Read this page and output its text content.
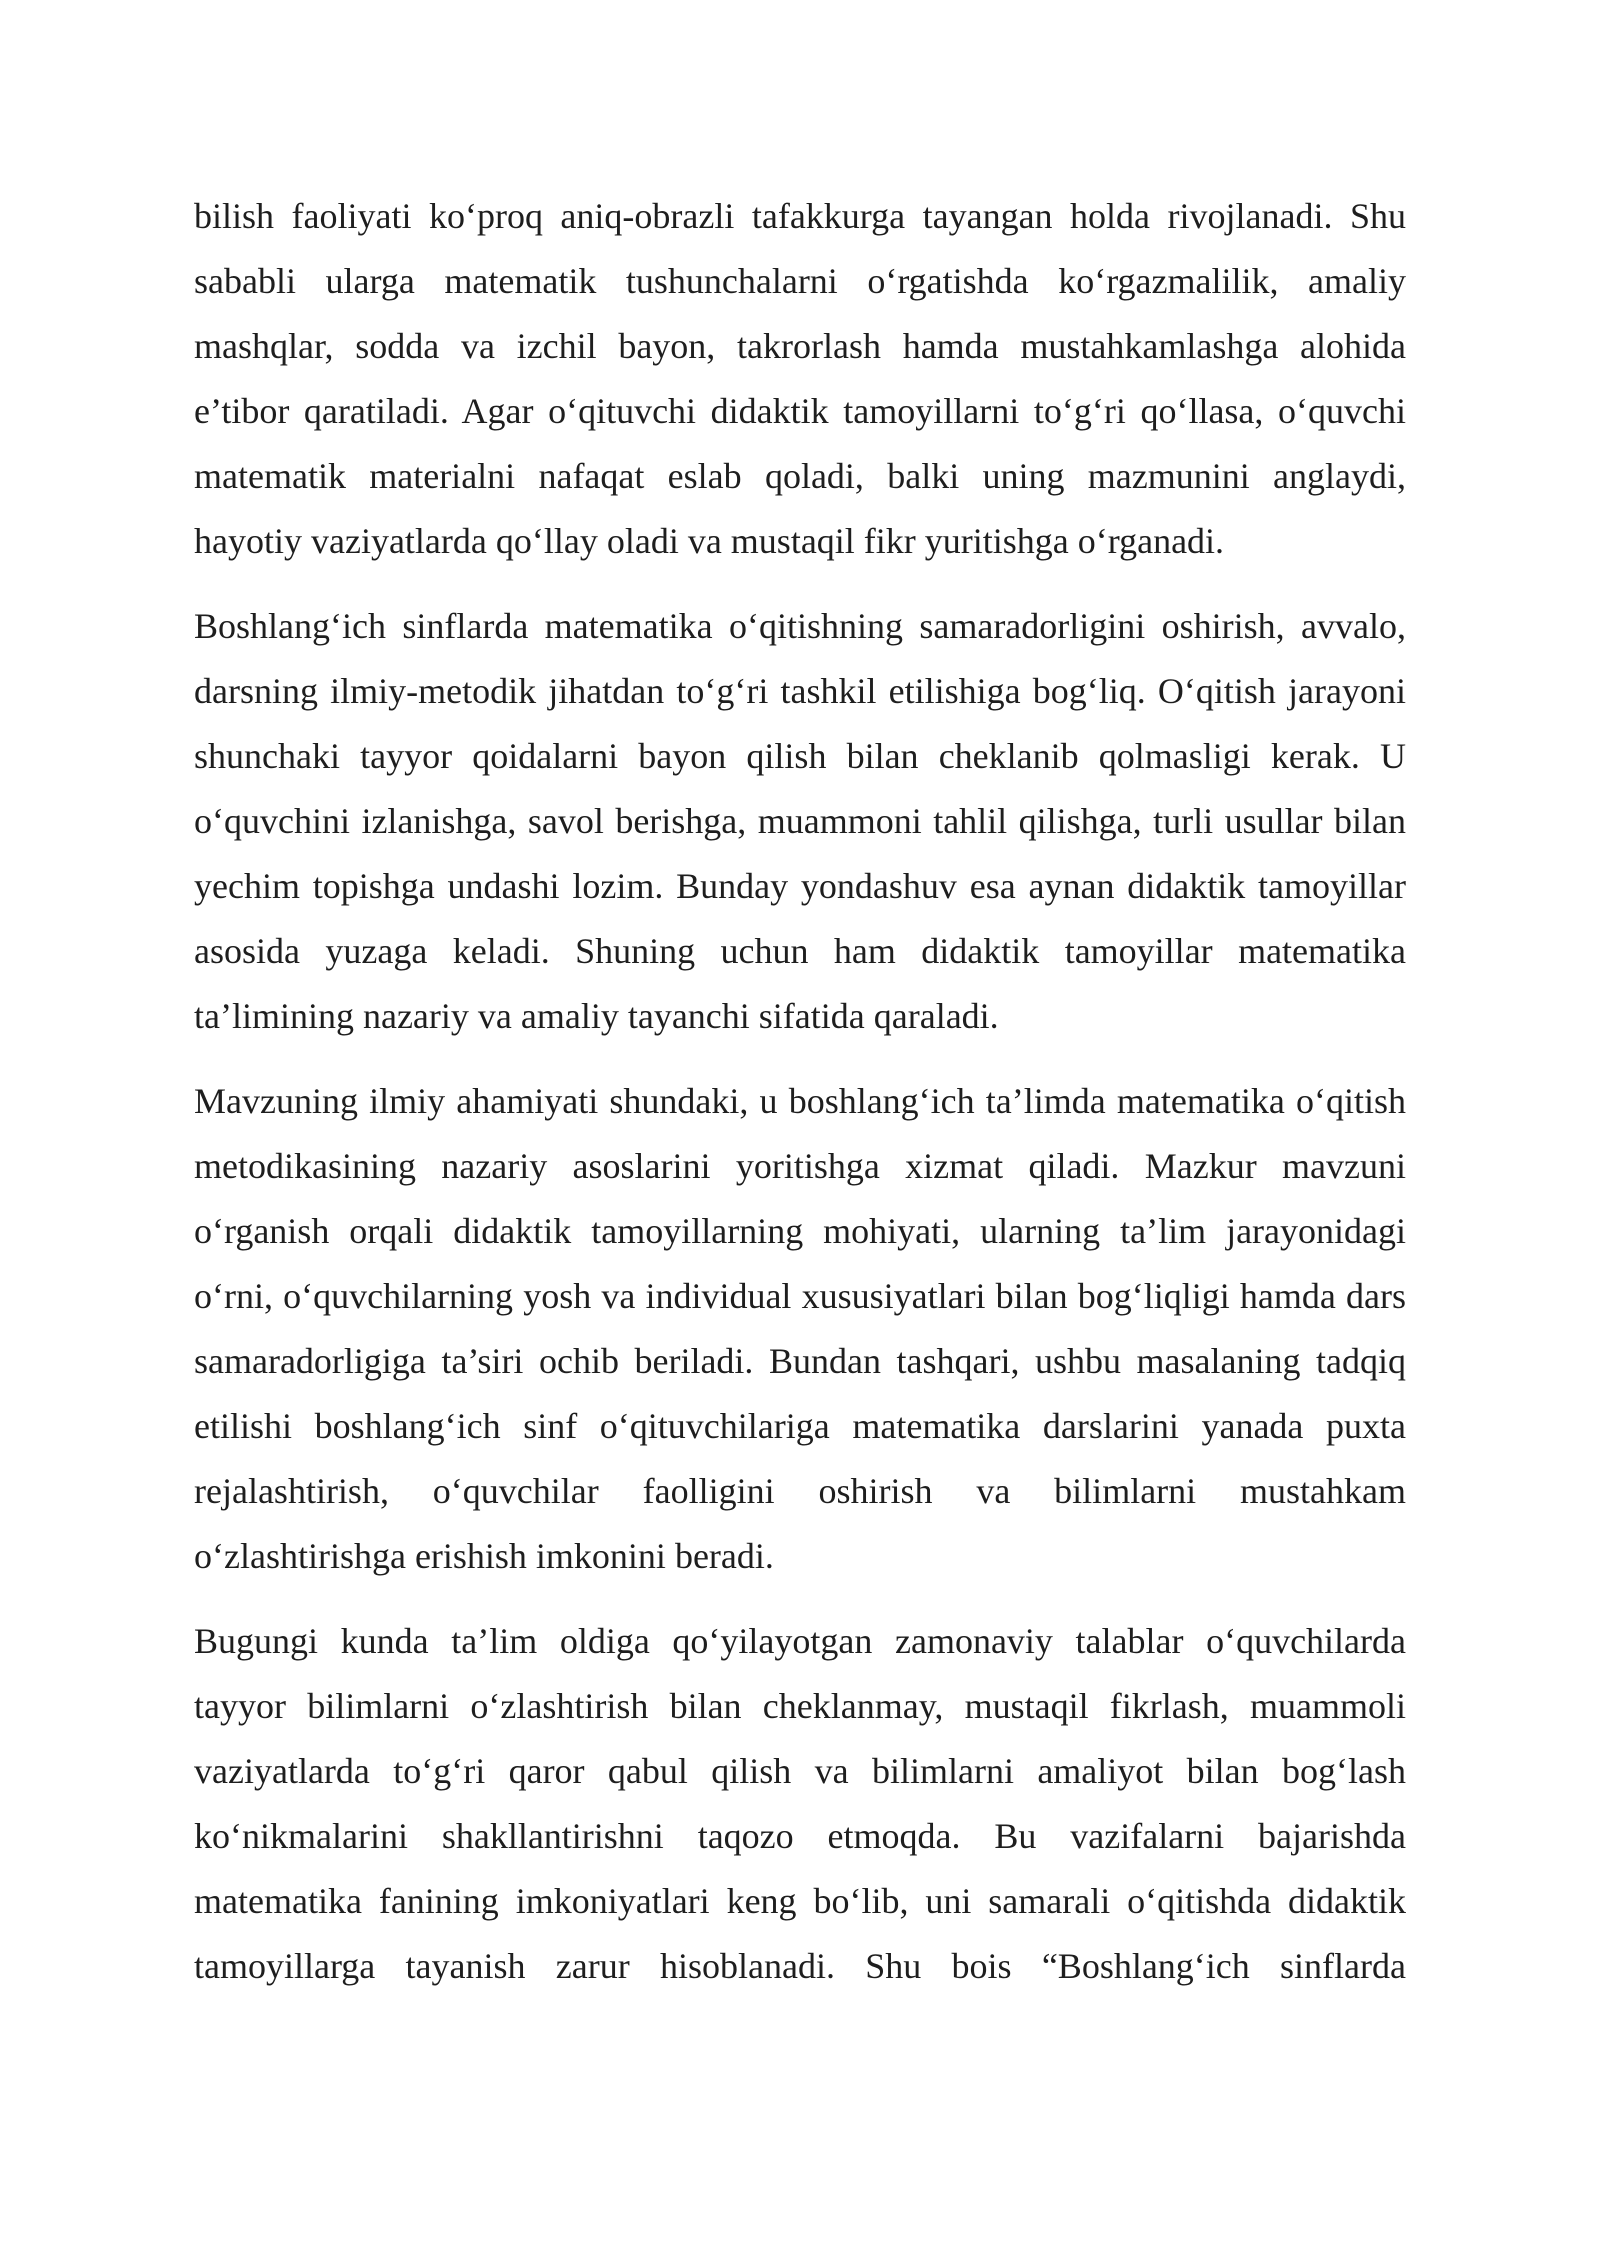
bilish faoliyati ko‘proq aniq-obrazli tafakkurga tayangan holda rivojlanadi. Shu sababli ularga matematik tushunchalarni o‘rgatishda ko‘rgazmalilik, amaliy mashqlar, sodda va izchil bayon, takrorlash hamda mustahkamlashga alohida e’tibor qaratiladi. Agar o‘qituvchi didaktik tamoyillarni to‘g‘ri qo‘llasa, o‘quvchi matematik materialni nafaqat eslab qoladi, balki uning mazmunini anglaydi, hayotiy vaziyatlarda qo‘llay oladi va mustaqil fikr yuritishga o‘rganadi.

Boshlang‘ich sinflarda matematika o‘qitishning samaradorligini oshirish, avvalo, darsning ilmiy-metodik jihatdan to‘g‘ri tashkil etilishiga bog‘liq. O‘qitish jarayoni shunchaki tayyor qoidalarni bayon qilish bilan cheklanib qolmasligi kerak. U o‘quvchini izlanishga, savol berishga, muammoni tahlil qilishga, turli usullar bilan yechim topishga undashi lozim. Bunday yondashuv esa aynan didaktik tamoyillar asosida yuzaga keladi. Shuning uchun ham didaktik tamoyillar matematika ta’limining nazariy va amaliy tayanchi sifatida qaraladi.

Mavzuning ilmiy ahamiyati shundaki, u boshlang‘ich ta’limda matematika o‘qitish metodikasining nazariy asoslarini yoritishga xizmat qiladi. Mazkur mavzuni o‘rganish orqali didaktik tamoyillarning mohiyati, ularning ta’lim jarayonidagi o‘rni, o‘quvchilarning yosh va individual xususiyatlari bilan bog‘liqligi hamda dars samaradorligiga ta’siri ochib beriladi. Bundan tashqari, ushbu masalaning tadqiq etilishi boshlang‘ich sinf o‘qituvchilariga matematika darslarini yanada puxta rejalashtirish, o‘quvchilar faolligini oshirish va bilimlarni mustahkam o‘zlashtirishga erishish imkonini beradi.

Bugungi kunda ta’lim oldiga qo‘yilayotgan zamonaviy talablar o‘quvchilarda tayyor bilimlarni o‘zlashtirish bilan cheklanmay, mustaqil fikrlash, muammoli vaziyatlarda to‘g‘ri qaror qabul qilish va bilimlarni amaliyot bilan bog‘lash ko‘nikmalarini shakllantirishni taqozo etmoqda. Bu vazifalarni bajarishda matematika fanining imkoniyatlari keng bo‘lib, uni samarali o‘qitishda didaktik tamoyillarga tayanish zarur hisoblanadi. Shu bois “Boshlang‘ich sinflarda
